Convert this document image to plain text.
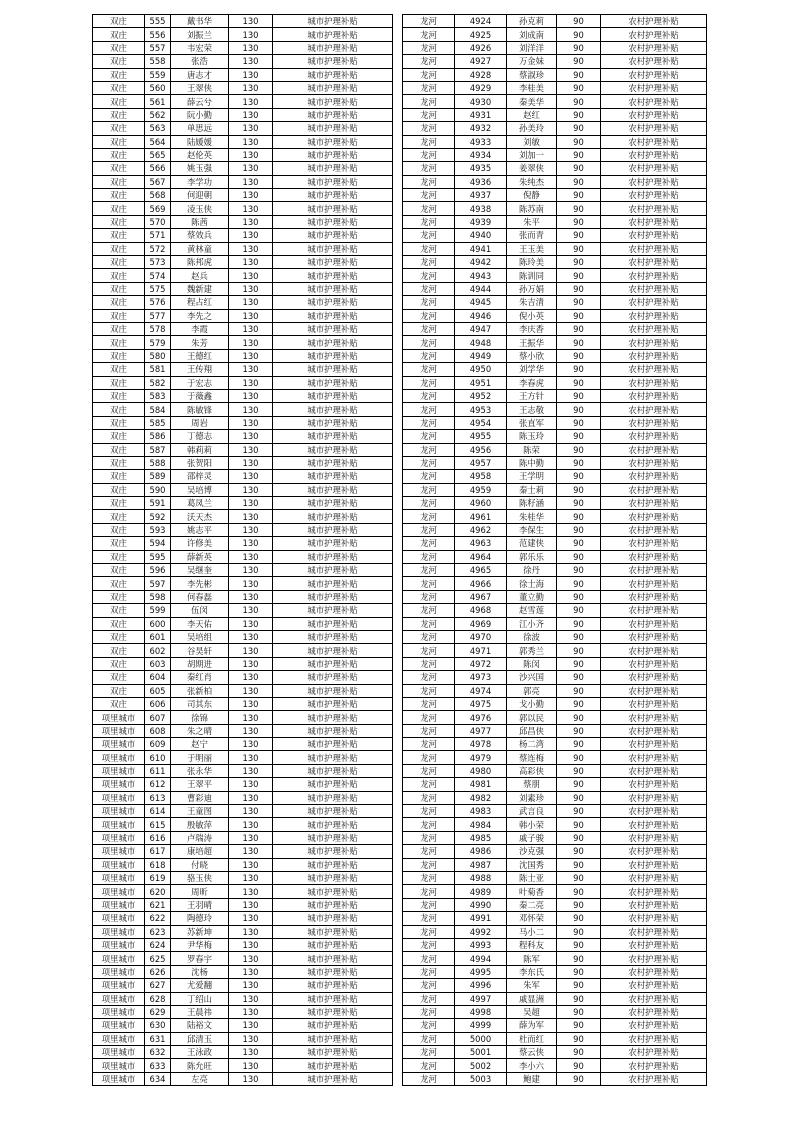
双庄	555	戴书华	130	城市护理补贴
双庄	556	刘振兰	130	城市护理补贴
双庄	557	韦宏荣	130	城市护理补贴
双庄	558	张浩	130	城市护理补贴
双庄	559	唐志才	130	城市护理补贴
双庄	560	王翠侠	130	城市护理补贴
双庄	561	薛云兮	130	城市护理补贴
双庄	562	阮小勤	130	城市护理补贴
双庄	563	单思远	130	城市护理补贴
双庄	564	陆媛媛	130	城市护理补贴
双庄	565	赵伦英	130	城市护理补贴
双庄	566	姚玉强	130	城市护理补贴
双庄	567	李学功	130	城市护理补贴
双庄	568	何迎朝	130	城市护理补贴
双庄	569	凌玉侠	130	城市护理补贴
双庄	570	陈茜	130	城市护理补贴
双庄	571	蔡效兵	130	城市护理补贴
双庄	572	黄林童	130	城市护理补贴
双庄	573	陈邦虎	130	城市护理补贴
双庄	574	赵兵	130	城市护理补贴
双庄	575	魏新建	130	城市护理补贴
双庄	576	程占红	130	城市护理补贴
双庄	577	李先之	130	城市护理补贴
双庄	578	李霞	130	城市护理补贴
双庄	579	朱芳	130	城市护理补贴
双庄	580	王德红	130	城市护理补贴
双庄	581	王传翔	130	城市护理补贴
双庄	582	于宏志	130	城市护理补贴
双庄	583	于薇鑫	130	城市护理补贴
双庄	584	陈敏锋	130	城市护理补贴
双庄	585	周岩	130	城市护理补贴
双庄	586	丁德志	130	城市护理补贴
双庄	587	韩莉莉	130	城市护理补贴
双庄	588	张贺阳	130	城市护理补贴
双庄	589	邵梓灵	130	城市护理补贴
双庄	590	吴培博	130	城市护理补贴
双庄	591	葛凤兰	130	城市护理补贴
双庄	592	沃天杰	130	城市护理补贴
双庄	593	姚志平	130	城市护理补贴
双庄	594	许修美	130	城市护理补贴
双庄	595	薛新英	130	城市护理补贴
双庄	596	吴继奎	130	城市护理补贴
双庄	597	李先彬	130	城市护理补贴
双庄	598	何春磊	130	城市护理补贴
双庄	599	伍闵	130	城市护理补贴
双庄	600	李天佑	130	城市护理补贴
双庄	601	吴培组	130	城市护理补贴
双庄	602	谷昊轩	130	城市护理补贴
双庄	603	胡期进	130	城市护理补贴
双庄	604	秦红肖	130	城市护理补贴
双庄	605	张新柏	130	城市护理补贴
双庄	606	司其东	130	城市护理补贴
项里城市	607	徐锦	130	城市护理补贴
项里城市	608	朱之晴	130	城市护理补贴
项里城市	609	赵宁	130	城市护理补贴
项里城市	610	于明丽	130	城市护理补贴
项里城市	611	张永华	130	城市护理补贴
项里城市	612	王翠平	130	城市护理补贴
项里城市	613	曹彩迪	130	城市护理补贴
项里城市	614	王童图	130	城市护理补贴
项里城市	615	殷敏萍	130	城市护理补贴
项里城市	616	卢瑞涛	130	城市护理补贴
项里城市	617	康培超	130	城市护理补贴
项里城市	618	付晓	130	城市护理补贴
项里城市	619	骆玉侠	130	城市护理补贴
项里城市	620	周昕	130	城市护理补贴
项里城市	621	王羽晴	130	城市护理补贴
项里城市	622	陶德玲	130	城市护理补贴
项里城市	623	苏新坤	130	城市护理补贴
项里城市	624	尹华梅	130	城市护理补贴
项里城市	625	罗春宇	130	城市护理补贴
项里城市	626	沈杨	130	城市护理补贴
项里城市	627	尤爱翻	130	城市护理补贴
项里城市	628	丁绍山	130	城市护理补贴
项里城市	629	王晨祎	130	城市护理补贴
项里城市	630	陆裕文	130	城市护理补贴
项里城市	631	邱清玉	130	城市护理补贴
项里城市	632	王泳政	130	城市护理补贴
项里城市	633	陈允旺	130	城市护理补贴
项里城市	634	左亮	130	城市护理补贴
龙河	4924	孙克莉	90	农村护理补贴
龙河	4925	刘成南	90	农村护理补贴
龙河	4926	刘洋洋	90	农村护理补贴
龙河	4927	万金妹	90	农村护理补贴
龙河	4928	蔡淑珍	90	农村护理补贴
龙河	4929	李桂美	90	农村护理补贴
龙河	4930	秦美华	90	农村护理补贴
龙河	4931	赵红	90	农村护理补贴
龙河	4932	孙美玲	90	农村护理补贴
龙河	4933	刘敏	90	农村护理补贴
龙河	4934	刘加一	90	农村护理补贴
龙河	4935	姜翠侠	90	农村护理补贴
龙河	4936	朱纯杰	90	农村护理补贴
龙河	4937	倪静	90	农村护理补贴
龙河	4938	陈苏南	90	农村护理补贴
龙河	4939	朱平	90	农村护理补贴
龙河	4940	张而青	90	农村护理补贴
龙河	4941	王玉美	90	农村护理补贴
龙河	4942	陈玲美	90	农村护理补贴
龙河	4943	陈训同	90	农村护理补贴
龙河	4944	孙万娟	90	农村护理补贴
龙河	4945	朱吉清	90	农村护理补贴
龙河	4946	倪小英	90	农村护理补贴
龙河	4947	李庆香	90	农村护理补贴
龙河	4948	王振华	90	农村护理补贴
龙河	4949	蔡小欣	90	农村护理补贴
龙河	4950	刘学华	90	农村护理补贴
龙河	4951	李春虎	90	农村护理补贴
龙河	4952	王方针	90	农村护理补贴
龙河	4953	王志敬	90	农村护理补贴
龙河	4954	张直军	90	农村护理补贴
龙河	4955	陈玉玲	90	农村护理补贴
龙河	4956	陈荣	90	农村护理补贴
龙河	4957	陈中勤	90	农村护理补贴
龙河	4958	王学明	90	农村护理补贴
龙河	4959	秦士莉	90	农村护理补贴
龙河	4960	陈籽涵	90	农村护理补贴
龙河	4961	朱桂华	90	农村护理补贴
龙河	4962	李保生	90	农村护理补贴
龙河	4963	范建侠	90	农村护理补贴
龙河	4964	郭乐乐	90	农村护理补贴
龙河	4965	徐丹	90	农村护理补贴
龙河	4966	徐士海	90	农村护理补贴
龙河	4967	董立勤	90	农村护理补贴
龙河	4968	赵雪莲	90	农村护理补贴
龙河	4969	江小齐	90	农村护理补贴
龙河	4970	徐波	90	农村护理补贴
龙河	4971	郭秀兰	90	农村护理补贴
龙河	4972	陈闵	90	农村护理补贴
龙河	4973	沙兴国	90	农村护理补贴
龙河	4974	郭亮	90	农村护理补贴
龙河	4975	戈小勤	90	农村护理补贴
龙河	4976	郭以民	90	农村护理补贴
龙河	4977	邱昌侠	90	农村护理补贴
龙河	4978	杨二湾	90	农村护理补贴
龙河	4979	蔡连梅	90	农村护理补贴
龙河	4980	高彩侠	90	农村护理补贴
龙河	4981	蔡朋	90	农村护理补贴
龙河	4982	刘素珍	90	农村护理补贴
龙河	4983	武言良	90	农村护理补贴
龙河	4984	韩小荣	90	农村护理补贴
龙河	4985	戚子骏	90	农村护理补贴
龙河	4986	沙克强	90	农村护理补贴
龙河	4987	沈国秀	90	农村护理补贴
龙河	4988	陈士亚	90	农村护理补贴
龙河	4989	叶菊香	90	农村护理补贴
龙河	4990	秦二亮	90	农村护理补贴
龙河	4991	邓怀荣	90	农村护理补贴
龙河	4992	马小二	90	农村护理补贴
龙河	4993	程科友	90	农村护理补贴
龙河	4994	陈军	90	农村护理补贴
龙河	4995	李东氏	90	农村护理补贴
龙河	4996	朱军	90	农村护理补贴
龙河	4997	戚显洲	90	农村护理补贴
龙河	4998	吴超	90	农村护理补贴
龙河	4999	薛为军	90	农村护理补贴
龙河	5000	杜而红	90	农村护理补贴
龙河	5001	蔡云侠	90	农村护理补贴
龙河	5002	李小六	90	农村护理补贴
龙河	5003	鲍建	90	农村护理补贴
